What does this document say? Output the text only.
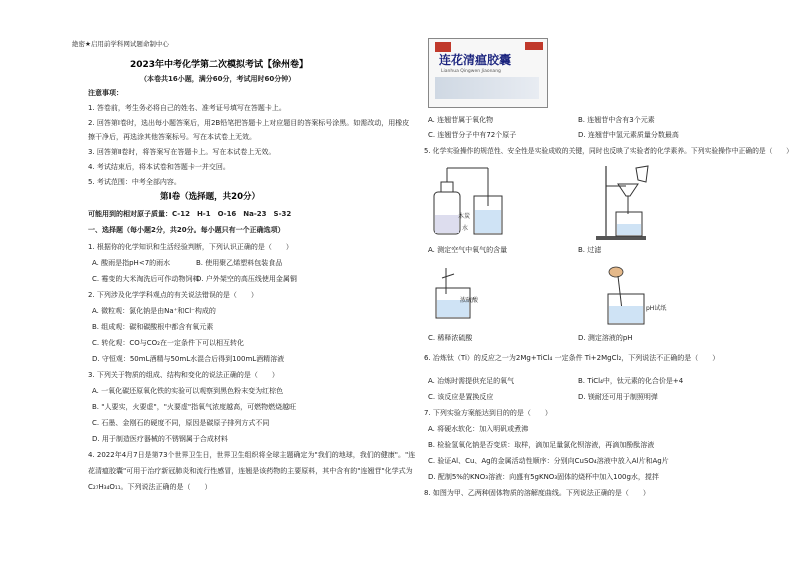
絶密★启用前学科网试题命制中心
2023年中考化学第二次模拟考试【徐州卷】
（本卷共16小题，满分60分，考试用时60分钟）
注意事项：
1. 答卷前，考生务必将自己的姓名、准考证号填写在答题卡上。
2. 回答第Ⅰ卷时，选出每小题答案后，用2B铅笔把答题卡上对应题目的答案标号涂黑。如需改动，用橡皮
擦干净后，再选涂其他答案标号。写在本试卷上无效。
3. 回答第Ⅱ卷时，将答案写在答题卡上。写在本试卷上无效。
4. 考试结束后，将本试卷和答题卡一并交回。
5. 考试范围：中考全部内容。
第Ⅰ卷（选择题，共20分）
可能用到的相对原子质量：C-12　H-1　O-16　Na-23　S-32
一、选择题（每小题2分，共20分。每小题只有一个正确选项）
1. 根据你的化学知识和生活经验判断，下列认识正确的是（　　）
A. 酸雨是指pH<7的雨水	B. 使用聚乙烯塑料包装食品
C. 霉变的大米淘洗后可作动物饲料
D. 户外架空的高压线使用金属铜
2. 下列涉及化学学科观点的有关说法错误的是（　　）
A. 微粒观：氯化钠是由Na⁺和Cl⁻构成的
B. 组成观：碳和碳酸根中都含有氧元素
C. 转化观：CO与CO₂在一定条件下可以相互转化
D. 守恒观：50mL酒精与50mL水混合后得到100mL酒精溶液
3. 下列关于物质的组成、结构和变化的说法正确的是（　　）
A. 一氧化碳还原氧化铁的实验可以观察到黑色粉末变为红棕色
B. "人要实，火要虚"，"火要虚"指氧气浓度越高，可燃物燃烧越旺
C. 石墨、金刚石的硬度不同，原因是碳原子排列方式不同
D. 用于制造医疗器械的不锈钢属于合成材料
4. 2022年4月7日是第73个世界卫生日，世界卫生组织将全球主题确定为"我们的地球，我们的健康"。"连
花清瘟胶囊"可用于治疗新冠肺炎和流行性感冒，连翘是该药物的主要原料，其中含有的"连翘苷"化学式为
C₂₇H₃₄O₁₁。下列说法正确的是（　　）
连花清瘟胶囊
Lianhua Qingwen Jiaonang
A. 连翘苷属于氧化物	B. 连翘苷中含有3个元素
C. 连翘苷分子中有72个原子	D. 连翘苷中氢元素质量分数最高
5. 化学实验操作的规范性、安全性是实验成败的关键，同时也反映了实验者的化学素养。下列实验操作中正确的是（　　）
木炭
水
A. 测定空气中氧气的含量	B. 过滤
浓硫酸
pH试纸
C. 稀释浓硫酸	D. 测定溶液的pH
6. 冶炼钛（Ti）的反应之一为2Mg+TiCl₄ 一定条件 Ti+2MgCl₂，下列说法不正确的是（　　）
A. 冶炼时需提供充足的氧气	B. TiCl₄中，钛元素的化合价是+4
C. 该反应是置换反应	D. 镁耐还可用于制照明弹
7. 下列实验方案能达到目的的是（　　）
A. 将硬水软化：加入明矾或煮沸
B. 检验氢氧化钠是否变质：取样，滴加足量氯化钡溶液，再滴加酚酞溶液
C. 验证Al、Cu、Ag的金属活动性顺序：分别向CuSO₄溶液中放入Al片和Ag片
D. 配制5%的KNO₃溶液：向盛有5gKNO₃固体的烧杯中加入100g水，搅拌
8. 如图为甲、乙两种固体物质的溶解度曲线。下列说法正确的是（　　）
